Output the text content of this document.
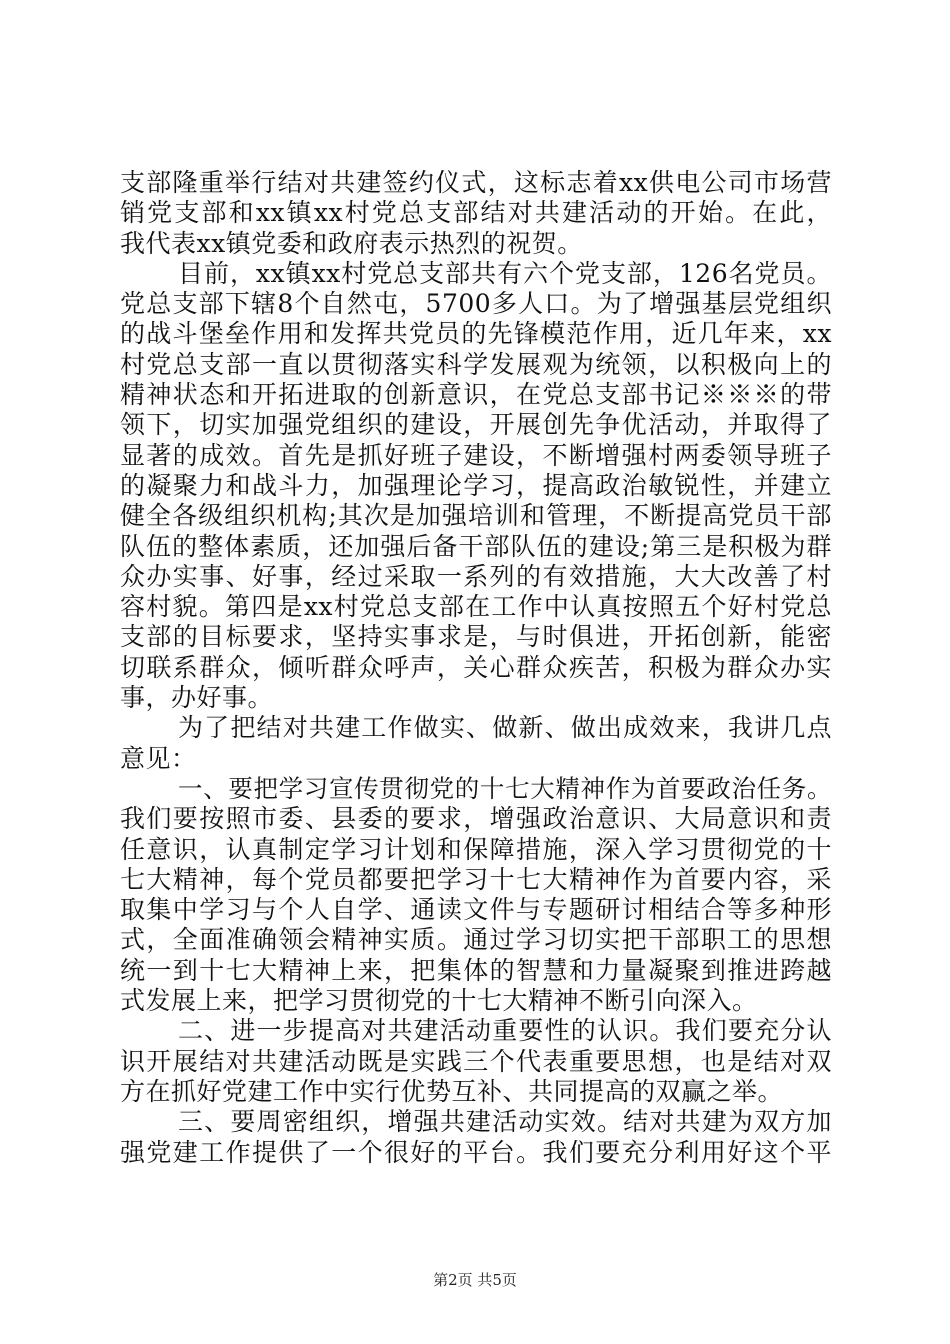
支部隆重举行结对共建签约仪式，这标志着xx供电公司市场营
销党支部和xx镇xx村党总支部结对共建活动的开始。在此，
我代表xx镇党委和政府表示热烈的祝贺。
目前，xx镇xx村党总支部共有六个党支部，126名党员。
党总支部下辖8个自然屯，5700多人口。为了增强基层党组织
的战斗堡垒作用和发挥共党员的先锋模范作用，近几年来，xx
村党总支部一直以贯彻落实科学发展观为统领，以积极向上的
精神状态和开拓进取的创新意识，在党总支部书记※※※的带
领下，切实加强党组织的建设，开展创先争优活动，并取得了
显著的成效。首先是抓好班子建设，不断增强村两委领导班子
的凝聚力和战斗力，加强理论学习，提高政治敏锐性，并建立
健全各级组织机构;其次是加强培训和管理，不断提高党员干部
队伍的整体素质，还加强后备干部队伍的建设;第三是积极为群
众办实事、好事，经过采取一系列的有效措施，大大改善了村
容村貌。第四是xx村党总支部在工作中认真按照五个好村党总
支部的目标要求，坚持实事求是，与时俱进，开拓创新，能密
切联系群众，倾听群众呼声，关心群众疾苦，积极为群众办实
事，办好事。
为了把结对共建工作做实、做新、做出成效来，我讲几点
意见：
一、要把学习宣传贯彻党的十七大精神作为首要政治任务。
我们要按照市委、县委的要求，增强政治意识、大局意识和责
任意识，认真制定学习计划和保障措施，深入学习贯彻党的十
七大精神，每个党员都要把学习十七大精神作为首要内容，采
取集中学习与个人自学、通读文件与专题研讨相结合等多种形
式，全面准确领会精神实质。通过学习切实把干部职工的思想
统一到十七大精神上来，把集体的智慧和力量凝聚到推进跨越
式发展上来，把学习贯彻党的十七大精神不断引向深入。
二、进一步提高对共建活动重要性的认识。我们要充分认
识开展结对共建活动既是实践三个代表重要思想，也是结对双
方在抓好党建工作中实行优势互补、共同提高的双赢之举。
三、要周密组织，增强共建活动实效。结对共建为双方加
强党建工作提供了一个很好的平台。我们要充分利用好这个平
第2页 共5页
